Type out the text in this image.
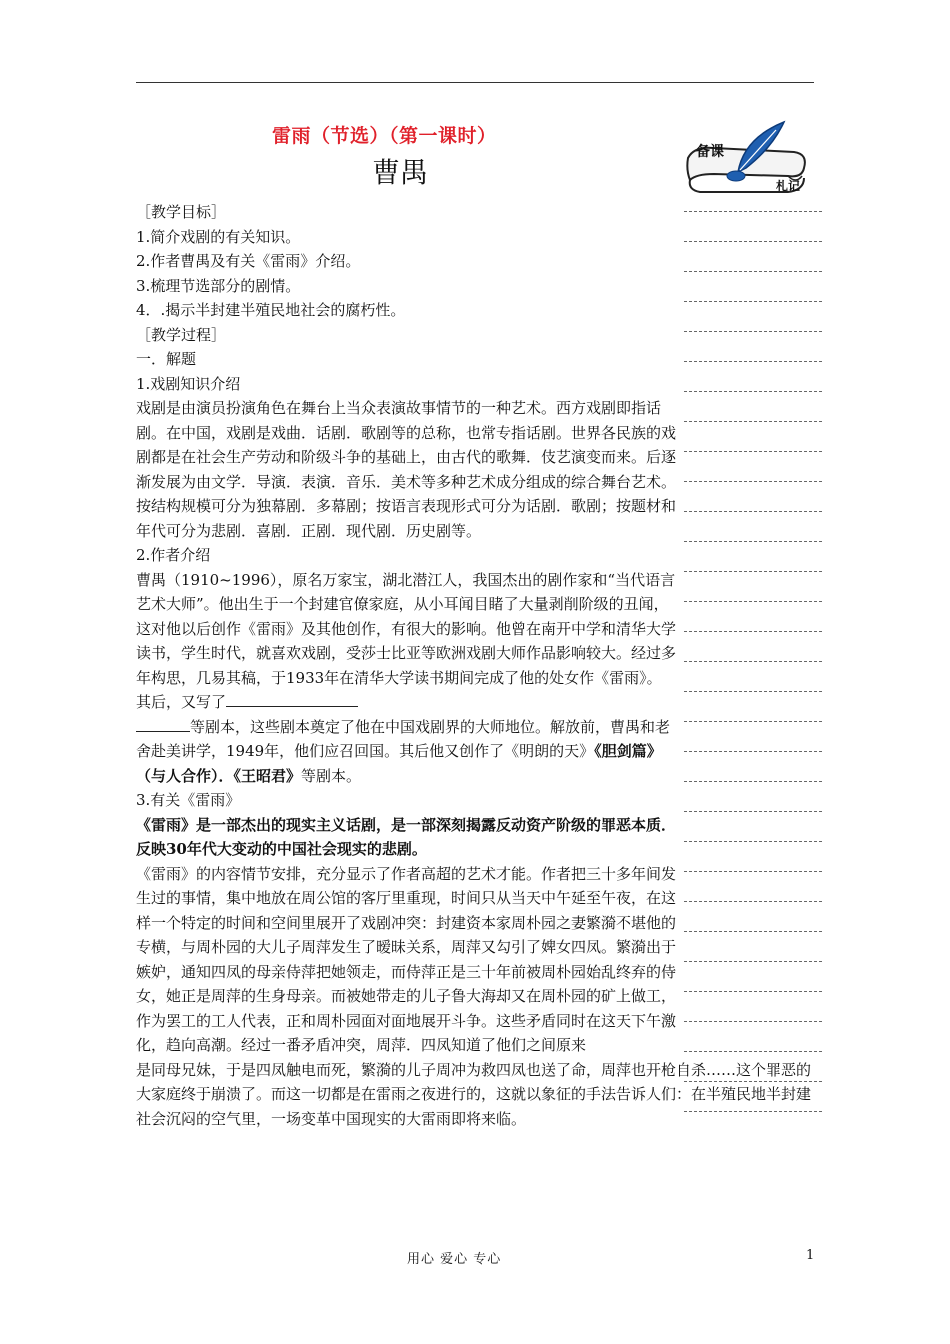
雷雨（节选）（第一课时）
曹禺
备课
札记

［教学目标］

1.简介戏剧的有关知识。

2.作者曹禺及有关《雷雨》介绍。

3.梳理节选部分的剧情。

4．.揭示半封建半殖民地社会的腐朽性。

［教学过程］

一．解题

1.戏剧知识介绍

戏剧是由演员扮演角色在舞台上当众表演故事情节的一种艺术。西方戏剧即指话剧。在中国，戏剧是戏曲．话剧．歌剧等的总称，也常专指话剧。世界各民族的戏剧都是在社会生产劳动和阶级斗争的基础上，由古代的歌舞．伎艺演变而来。后逐渐发展为由文学．导演．表演．音乐．美术等多种艺术成分组成的综合舞台艺术。按结构规模可分为独幕剧．多幕剧；按语言表现形式可分为话剧．歌剧；按题材和年代可分为悲剧．喜剧．正剧．现代剧．历史剧等。

2.作者介绍

曹禺（1910~1996），原名万家宝，湖北潜江人，我国杰出的剧作家和“当代语言艺术大师”。他出生于一个封建官僚家庭，从小耳闻目睹了大量剥削阶级的丑闻，这对他以后创作《雷雨》及其他创作，有很大的影响。他曾在南开中学和清华大学读书，学生时代，就喜欢戏剧，受莎士比亚等欧洲戏剧大师作品影响较大。经过多年构思，几易其稿，于1933年在清华大学读书期间完成了他的处女作《雷雨》。其后，又写了
等剧本，这些剧本奠定了他在中国戏剧界的大师地位。解放前，曹禺和老舍赴美讲学，1949年，他们应召回国。其后他又创作了《明朗的天》《胆剑篇》（与人合作）．《王昭君》等剧本。

3.有关《雷雨》

《雷雨》是一部杰出的现实主义话剧，是一部深刻揭露反动资产阶级的罪恶本质．反映30年代大变动的中国社会现实的悲剧。

《雷雨》的内容情节安排，充分显示了作者高超的艺术才能。作者把三十多年间发生过的事情，集中地放在周公馆的客厅里重现，时间只从当天中午延至午夜，在这样一个特定的时间和空间里展开了戏剧冲突：封建资本家周朴园之妻繁漪不堪他的专横，与周朴园的大儿子周萍发生了暧昧关系，周萍又勾引了婢女四凤。繁漪出于嫉妒，通知四凤的母亲侍萍把她领走，而侍萍正是三十年前被周朴园始乱终弃的侍女，她正是周萍的生身母亲。而被她带走的儿子鲁大海却又在周朴园的矿上做工，作为罢工的工人代表，正和周朴园面对面地展开斗争。这些矛盾同时在这天下午激化，趋向高潮。经过一番矛盾冲突，周萍．四凤知道了他们之间原来

是同母兄妹，于是四凤触电而死，繁漪的儿子周冲为救四凤也送了命，周萍也开枪自杀……这个罪恶的大家庭终于崩溃了。而这一切都是在雷雨之夜进行的，这就以象征的手法告诉人们：在半殖民地半封建社会沉闷的空气里，一场变革中国现实的大雷雨即将来临。

用心 爱心 专心	1
